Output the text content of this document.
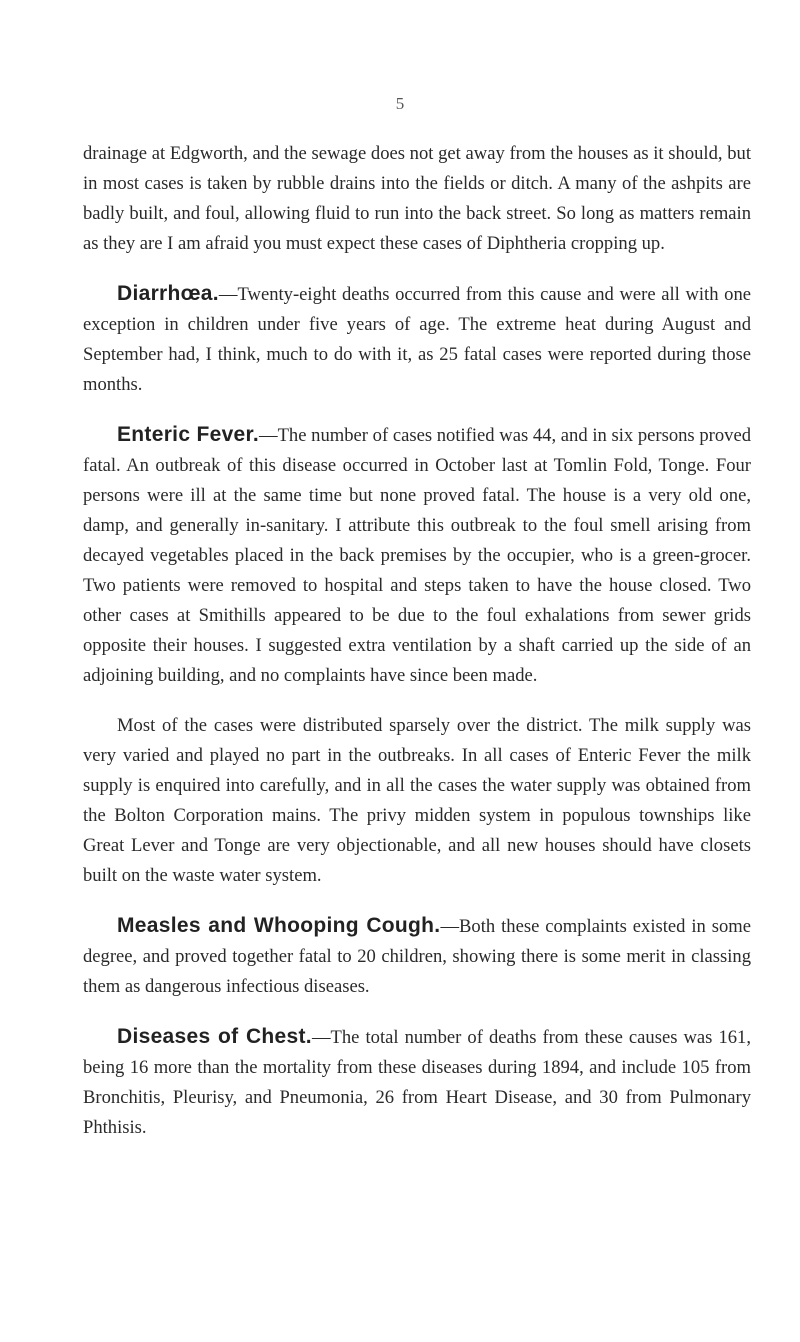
5

drainage at Edgworth, and the sewage does not get away from the houses as it should, but in most cases is taken by rubble drains into the fields or ditch. A many of the ashpits are badly built, and foul, allowing fluid to run into the back street. So long as matters remain as they are I am afraid you must expect these cases of Diphtheria cropping up.

Diarrhœa.—Twenty-eight deaths occurred from this cause and were all with one exception in children under five years of age. The extreme heat during August and September had, I think, much to do with it, as 25 fatal cases were reported during those months.

Enteric Fever.—The number of cases notified was 44, and in six persons proved fatal. An outbreak of this disease occurred in October last at Tomlin Fold, Tonge. Four persons were ill at the same time but none proved fatal. The house is a very old one, damp, and generally in-sanitary. I attribute this outbreak to the foul smell arising from decayed vegetables placed in the back premises by the occupier, who is a green-grocer. Two patients were removed to hospital and steps taken to have the house closed. Two other cases at Smithills appeared to be due to the foul exhalations from sewer grids opposite their houses. I suggested extra ventilation by a shaft carried up the side of an adjoining building, and no complaints have since been made.

Most of the cases were distributed sparsely over the district. The milk supply was very varied and played no part in the outbreaks. In all cases of Enteric Fever the milk supply is enquired into carefully, and in all the cases the water supply was obtained from the Bolton Corporation mains. The privy midden system in populous townships like Great Lever and Tonge are very objectionable, and all new houses should have closets built on the waste water system.

Measles and Whooping Cough.—Both these complaints existed in some degree, and proved together fatal to 20 children, showing there is some merit in classing them as dangerous infectious diseases.

Diseases of Chest.—The total number of deaths from these causes was 161, being 16 more than the mortality from these diseases during 1894, and include 105 from Bronchitis, Pleurisy, and Pneumonia, 26 from Heart Disease, and 30 from Pulmonary Phthisis.
